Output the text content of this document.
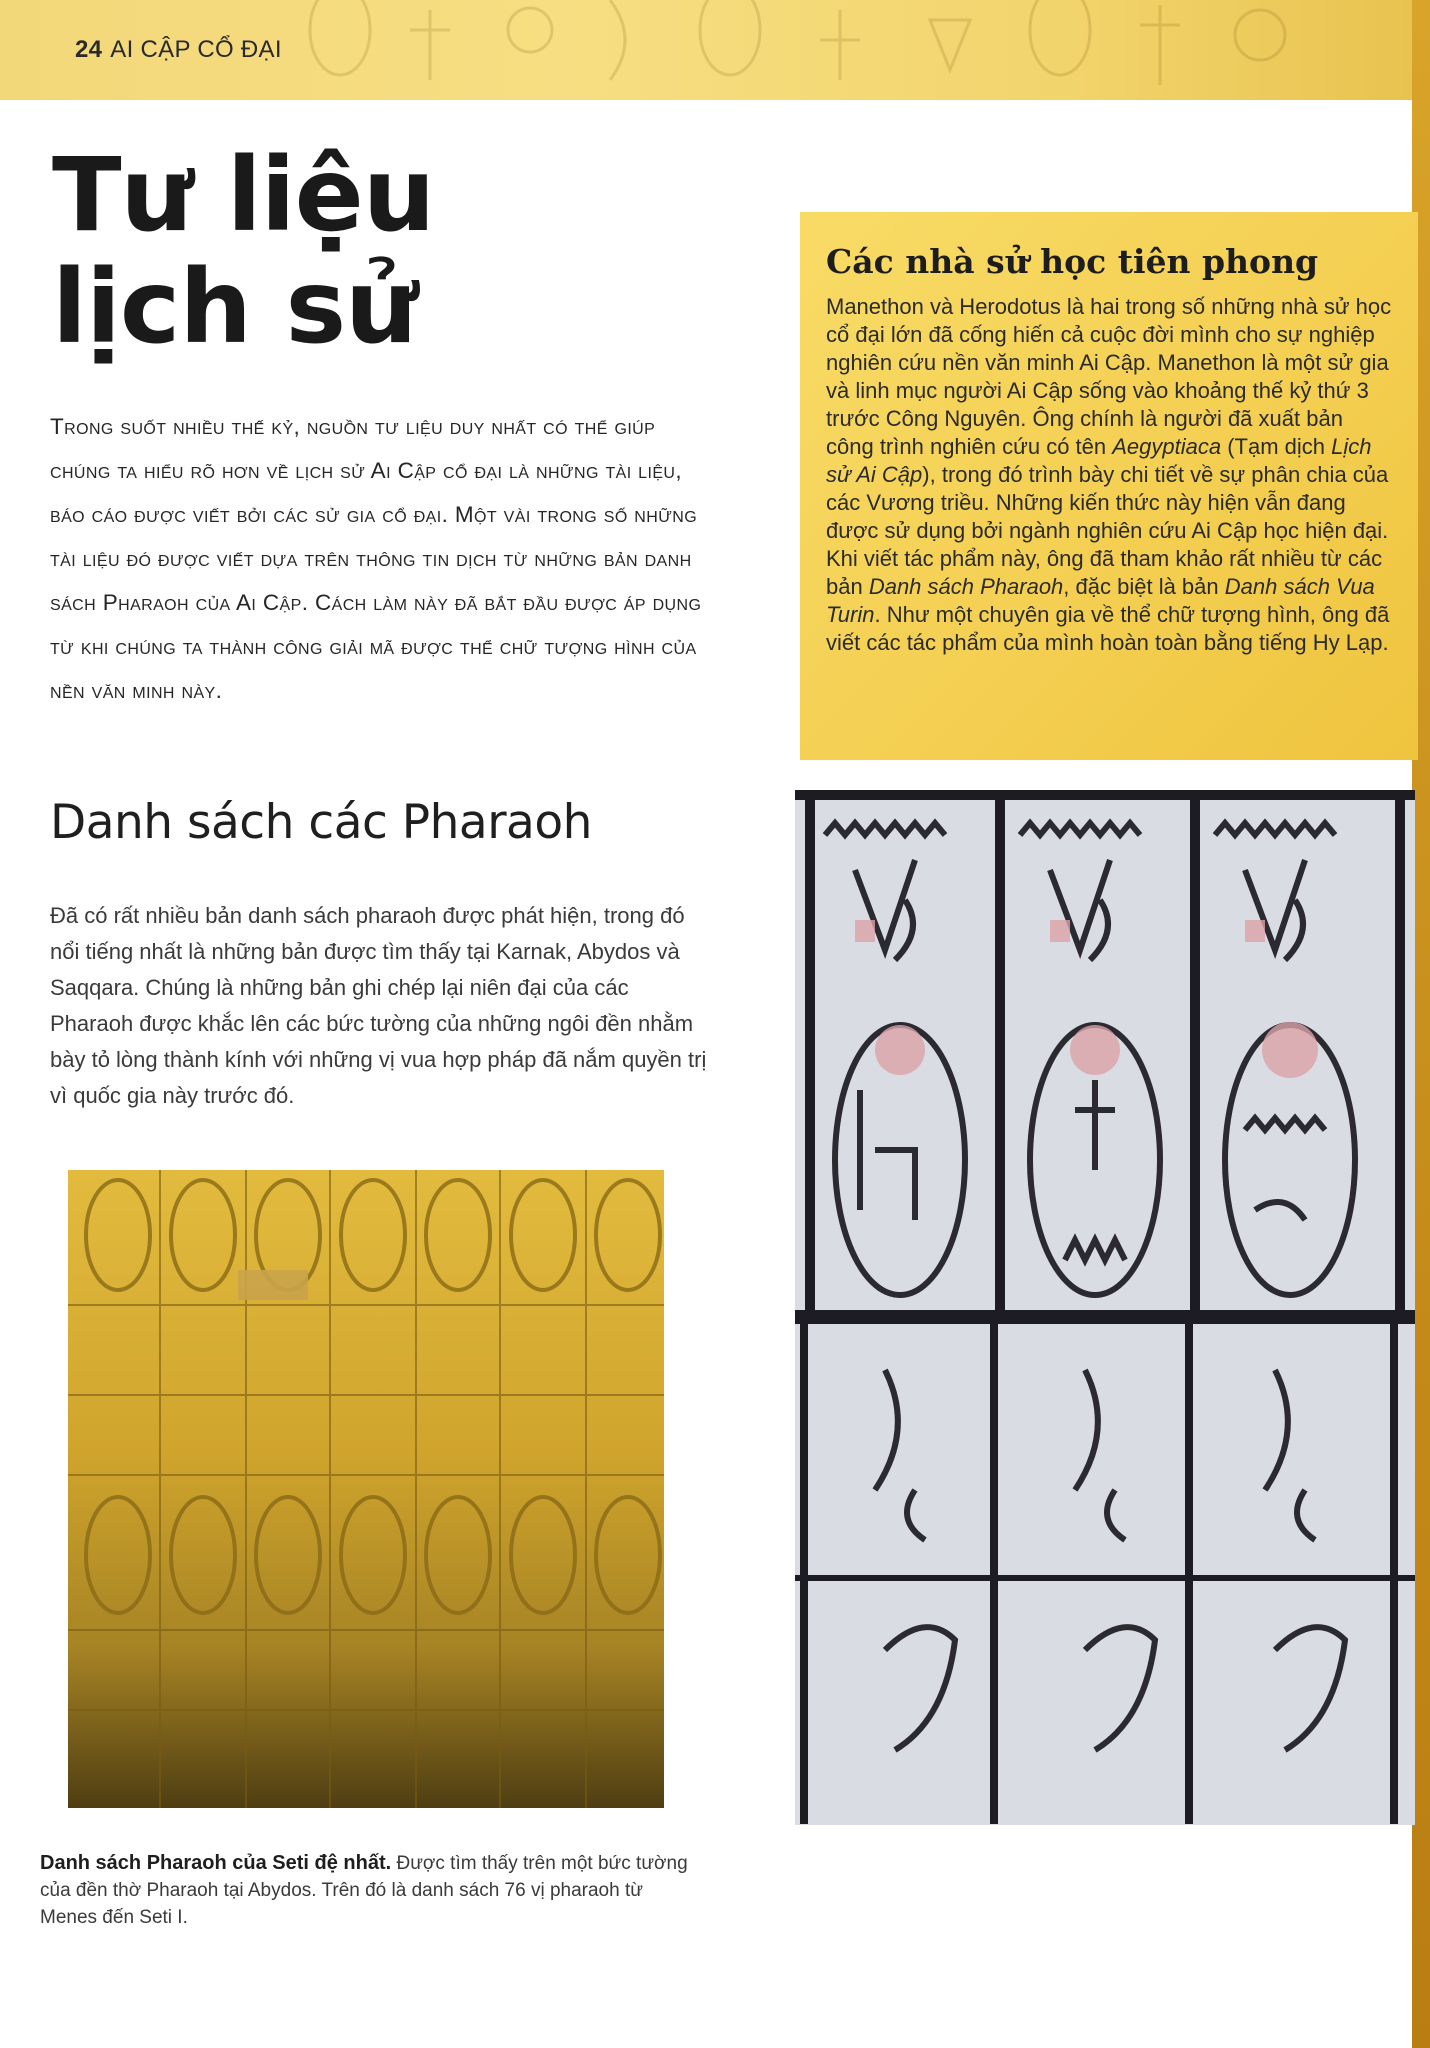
24 AI CẬP CỔ ĐẠI
Tư liệu
lịch sử
Trong suốt nhiều thế kỷ, nguồn tư liệu duy nhất có thể giúp chúng ta hiểu rõ hơn về lịch sử Ai Cập cổ đại là những tài liệu, báo cáo được viết bởi các sử gia cổ đại. Một vài trong số những tài liệu đó được viết dựa trên thông tin dịch từ những bản danh sách Pharaoh của Ai Cập. Cách làm này đã bắt đầu được áp dụng từ khi chúng ta thành công giải mã được thể chữ tượng hình của nền văn minh này.
Danh sách các Pharaoh
Đã có rất nhiều bản danh sách pharaoh được phát hiện, trong đó nổi tiếng nhất là những bản được tìm thấy tại Karnak, Abydos và Saqqara. Chúng là những bản ghi chép lại niên đại của các Pharaoh được khắc lên các bức tường của những ngôi đền nhằm bày tỏ lòng thành kính với những vị vua hợp pháp đã nắm quyền trị vì quốc gia này trước đó.
Các nhà sử học tiên phong
Manethon và Herodotus là hai trong số những nhà sử học cổ đại lớn đã cống hiến cả cuộc đời mình cho sự nghiệp nghiên cứu nền văn minh Ai Cập. Manethon là một sử gia và linh mục người Ai Cập sống vào khoảng thế kỷ thứ 3 trước Công Nguyên. Ông chính là người đã xuất bản công trình nghiên cứu có tên Aegyptiaca (Tạm dịch Lịch sử Ai Cập), trong đó trình bày chi tiết về sự phân chia của các Vương triều. Những kiến thức này hiện vẫn đang được sử dụng bởi ngành nghiên cứu Ai Cập học hiện đại. Khi viết tác phẩm này, ông đã tham khảo rất nhiều từ các bản Danh sách Pharaoh, đặc biệt là bản Danh sách Vua Turin. Như một chuyên gia về thể chữ tượng hình, ông đã viết các tác phẩm của mình hoàn toàn bằng tiếng Hy Lạp.
Danh sách Pharaoh của Seti đệ nhất. Được tìm thấy trên một bức tường của đền thờ Pharaoh tại Abydos. Trên đó là danh sách 76 vị pharaoh từ Menes đến Seti I.
